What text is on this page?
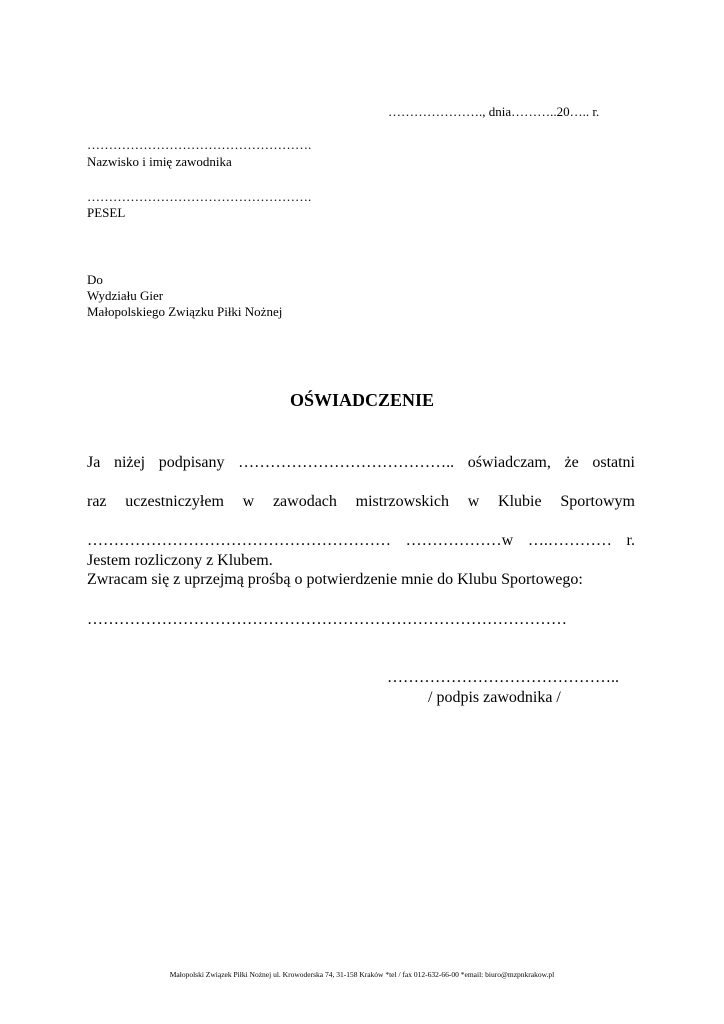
…………………., dnia………..20….. r.

…………………………………………….

Nazwisko i imię zawodnika

…………………………………………….

PESEL

Do

Wydziału Gier

Małopolskiego Związku Piłki Nożnej

OŚWIADCZENIE

Ja niżej podpisany ………………………………….. oświadczam, że ostatni

raz uczestniczyłem w zawodach mistrzowskich w Klubie Sportowym

………………………………………………… ………………w ….………… r.

Jestem rozliczony z Klubem.

Zwracam się z uprzejmą prośbą o potwierdzenie mnie do Klubu Sportowego:

………………………………………………………………………………

……………………………………..

/ podpis zawodnika /

Małopolski Związek Piłki Nożnej ul. Krowoderska 74, 31-158 Kraków *tel / fax 012-632-66-00 *email: biuro@mzpnkrakow.pl
